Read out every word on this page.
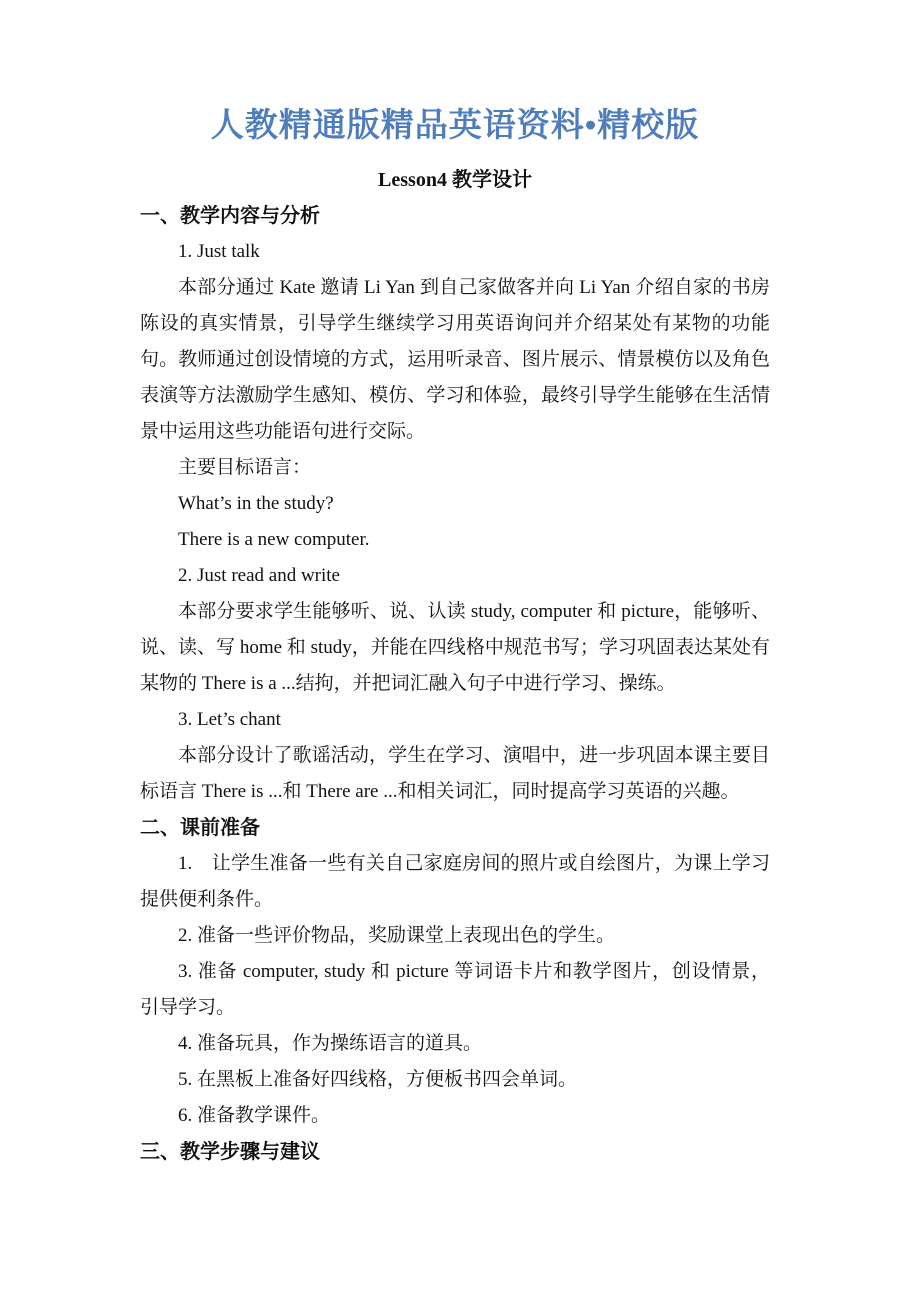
人教精通版精品英语资料•精校版
Lesson4 教学设计
一、教学内容与分析

1. Just talk

本部分通过 Kate 邀请 Li Yan 到自己家做客并向 Li Yan 介绍自家的书房陈设的真实情景，引导学生继续学习用英语询问并介绍某处有某物的功能句。教师通过创设情境的方式，运用听录音、图片展示、情景模仿以及角色表演等方法激励学生感知、模仿、学习和体验，最终引导学生能够在生活情景中运用这些功能语句进行交际。

主要目标语言：

What’s in the study?

There is a new computer.

2. Just read and write

本部分要求学生能够听、说、认读 study, computer 和 picture，能够听、说、读、写 home 和 study，并能在四线格中规范书写；学习巩固表达某处有某物的 There is a ...结拘，并把词汇融入句子中进行学习、操练。

3. Let’s chant

本部分设计了歌谣活动，学生在学习、演唱中，进一步巩固本课主要目标语言 There is ...和 There are ...和相关词汇，同时提高学习英语的兴趣。

二、课前准备

1.　让学生准备一些有关自己家庭房间的照片或自绘图片，为课上学习提供便利条件。

2. 准备一些评价物品，奖励课堂上表现出色的学生。

3. 准备 computer, study 和 picture 等词语卡片和教学图片，创设情景，引导学习。

4. 准备玩具，作为操练语言的道具。

5. 在黑板上准备好四线格，方便板书四会单词。

6. 准备教学课件。

三、教学步骤与建议
